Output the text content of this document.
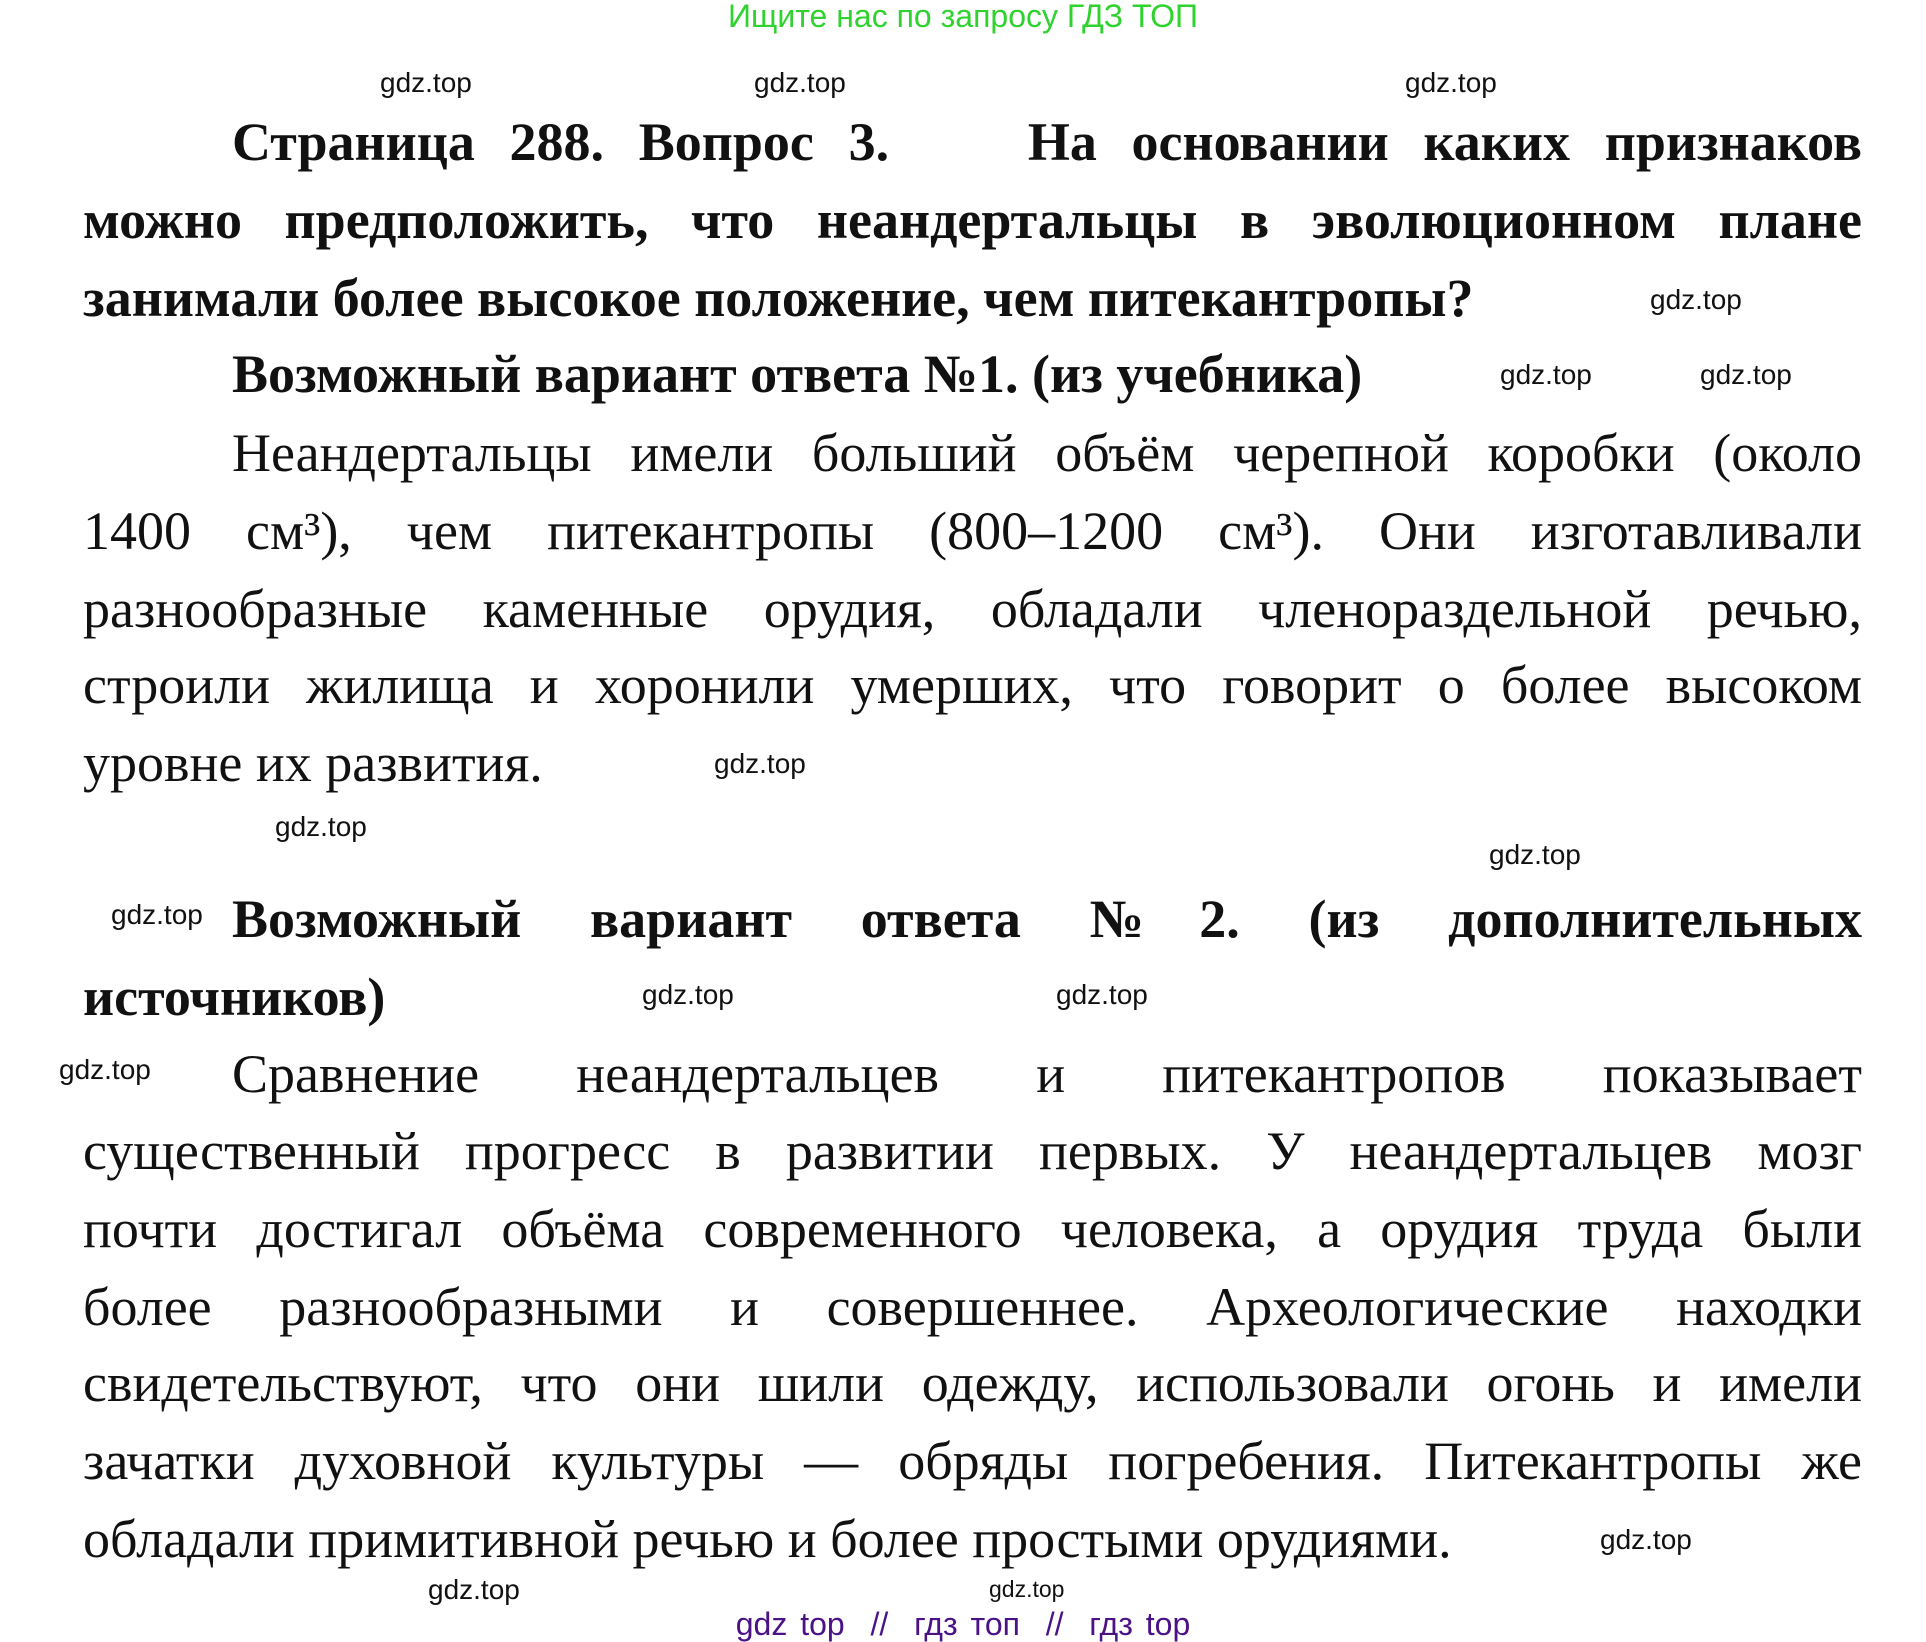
Ищите нас по запросу ГДЗ ТОП
Страница 288. Вопрос 3.    На основании каких признаков
можно предположить, что неандертальцы в эволюционном плане
занимали более высокое положение, чем питекантропы?
Возможный вариант ответа №1. (из учебника)
Неандертальцы имели больший объём черепной коробки (около
1400 см³), чем питекантропы (800–1200 см³). Они изготавливали
разнообразные каменные орудия, обладали членораздельной речью,
строили жилища и хоронили умерших, что говорит о более высоком
уровне их развития.
Возможный вариант ответа №2. (из дополнительных
источников)
Сравнение неандертальцев и питекантропов показывает
существенный прогресс в развитии первых. У неандертальцев мозг
почти достигал объёма современного человека, а орудия труда были
более разнообразными и совершеннее. Археологические находки
свидетельствуют, что они шили одежду, использовали огонь и имели
зачатки духовной культуры — обряды погребения. Питекантропы же
обладали примитивной речью и более простыми орудиями.
gdz.top	gdz.top
gdz.top
gdz.top
gdz.top
gdz.top
gdz.top
gdz.top
gdz.top
gdz.top
gdz.top
gdz.top
gdz.top
gdz.top
gdz.top
gdz.top
gdz top  //  гдз топ  //  гдз top
